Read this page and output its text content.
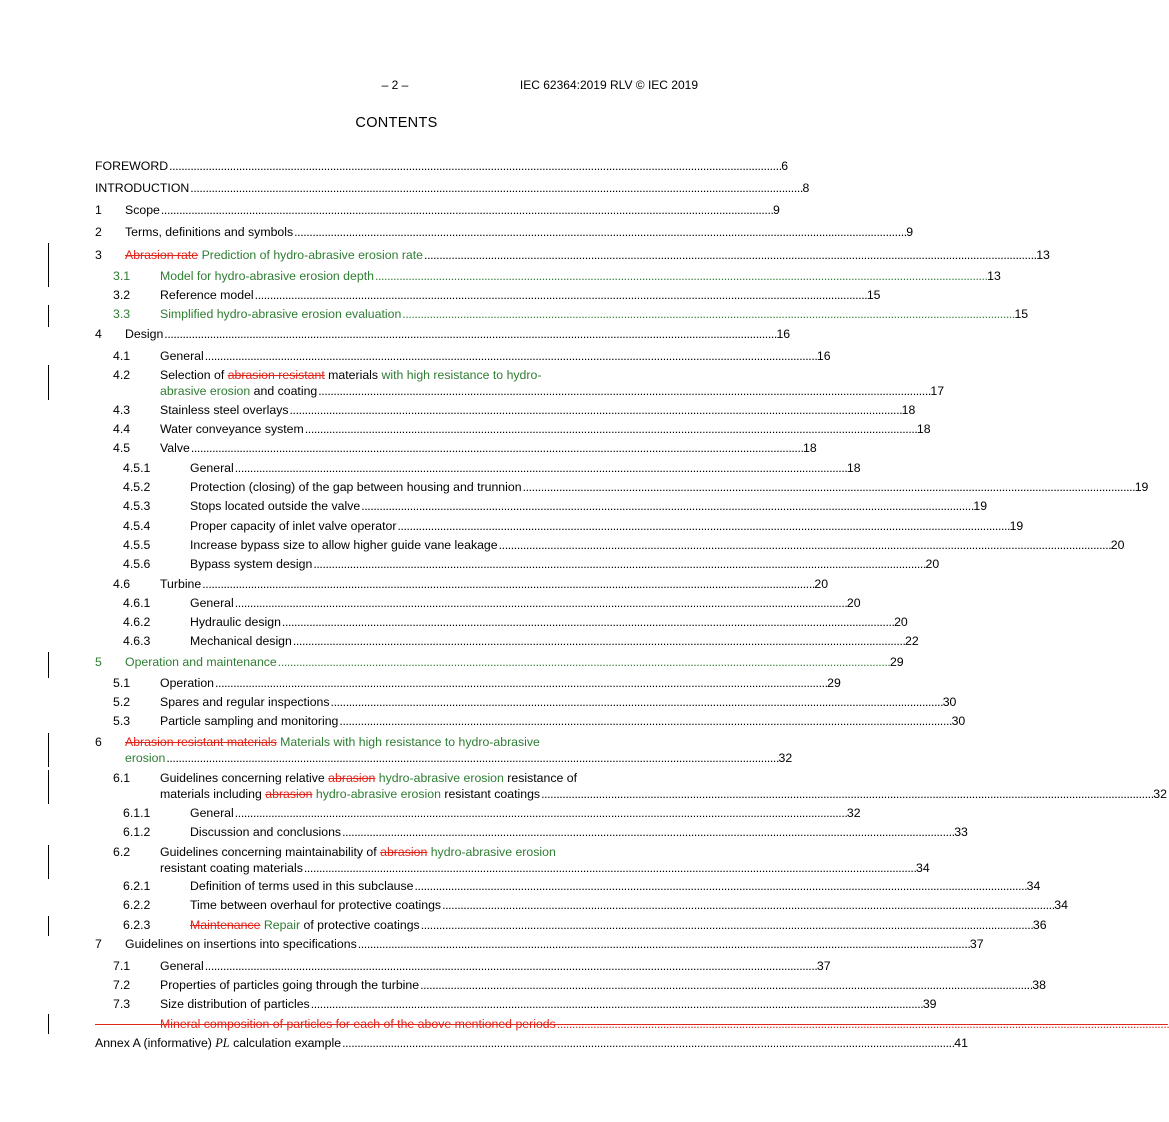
– 2 –	IEC 62364:2019 RLV © IEC 2019
CONTENTS
FOREWORD . . .	6
INTRODUCTION . . .	8
1	Scope . . .	9
2	Terms, definitions and symbols . . .	9
3	Abrasion rate Prediction of hydro-abrasive erosion rate . . .	13
3.1	Model for hydro-abrasive erosion depth . . .	13
3.2	Reference model . . .	15
3.3	Simplified hydro-abrasive erosion evaluation . . .	15
4	Design . . .	16
4.1	General . . .	16
4.2	Selection of abrasion resistant materials with high resistance to hydro-
abrasive erosion and coating . . .	17
4.3	Stainless steel overlays . . .	18
4.4	Water conveyance system . . .	18
4.5	Valve . . .	18
4.5.1	General . . .	18
4.5.2	Protection (closing) of the gap between housing and trunnion . . .	19
4.5.3	Stops located outside the valve . . .	19
4.5.4	Proper capacity of inlet valve operator . . .	19
4.5.5	Increase bypass size to allow higher guide vane leakage . . .	20
4.5.6	Bypass system design . . .	20
4.6	Turbine . . .	20
4.6.1	General . . .	20
4.6.2	Hydraulic design . . .	20
4.6.3	Mechanical design . . .	22
5	Operation and maintenance . . .	29
5.1	Operation . . .	29
5.2	Spares and regular inspections . . .	30
5.3	Particle sampling and monitoring . . .	30
6	Abrasion resistant materials Materials with high resistance to hydro-abrasive
erosion . . .	32
6.1	Guidelines concerning relative abrasion hydro-abrasive erosion resistance of
materials including abrasion hydro-abrasive erosion resistant coatings . . .	32
6.1.1	General . . .	32
6.1.2	Discussion and conclusions . . .	33
6.2	Guidelines concerning maintainability of abrasion hydro-abrasive erosion
resistant coating materials . . .	34
6.2.1	Definition of terms used in this subclause . . .	34
6.2.2	Time between overhaul for protective coatings . . .	34
6.2.3	Maintenance Repair of protective coatings . . .	36
7	Guidelines on insertions into specifications . . .	37
7.1	General . . .	37
7.2	Properties of particles going through the turbine . . .	38
7.3	Size distribution of particles . . .	39
Mineral composition of particles for each of the above mentioned periods . . .
Annex A (informative) PL calculation example . . .	41
